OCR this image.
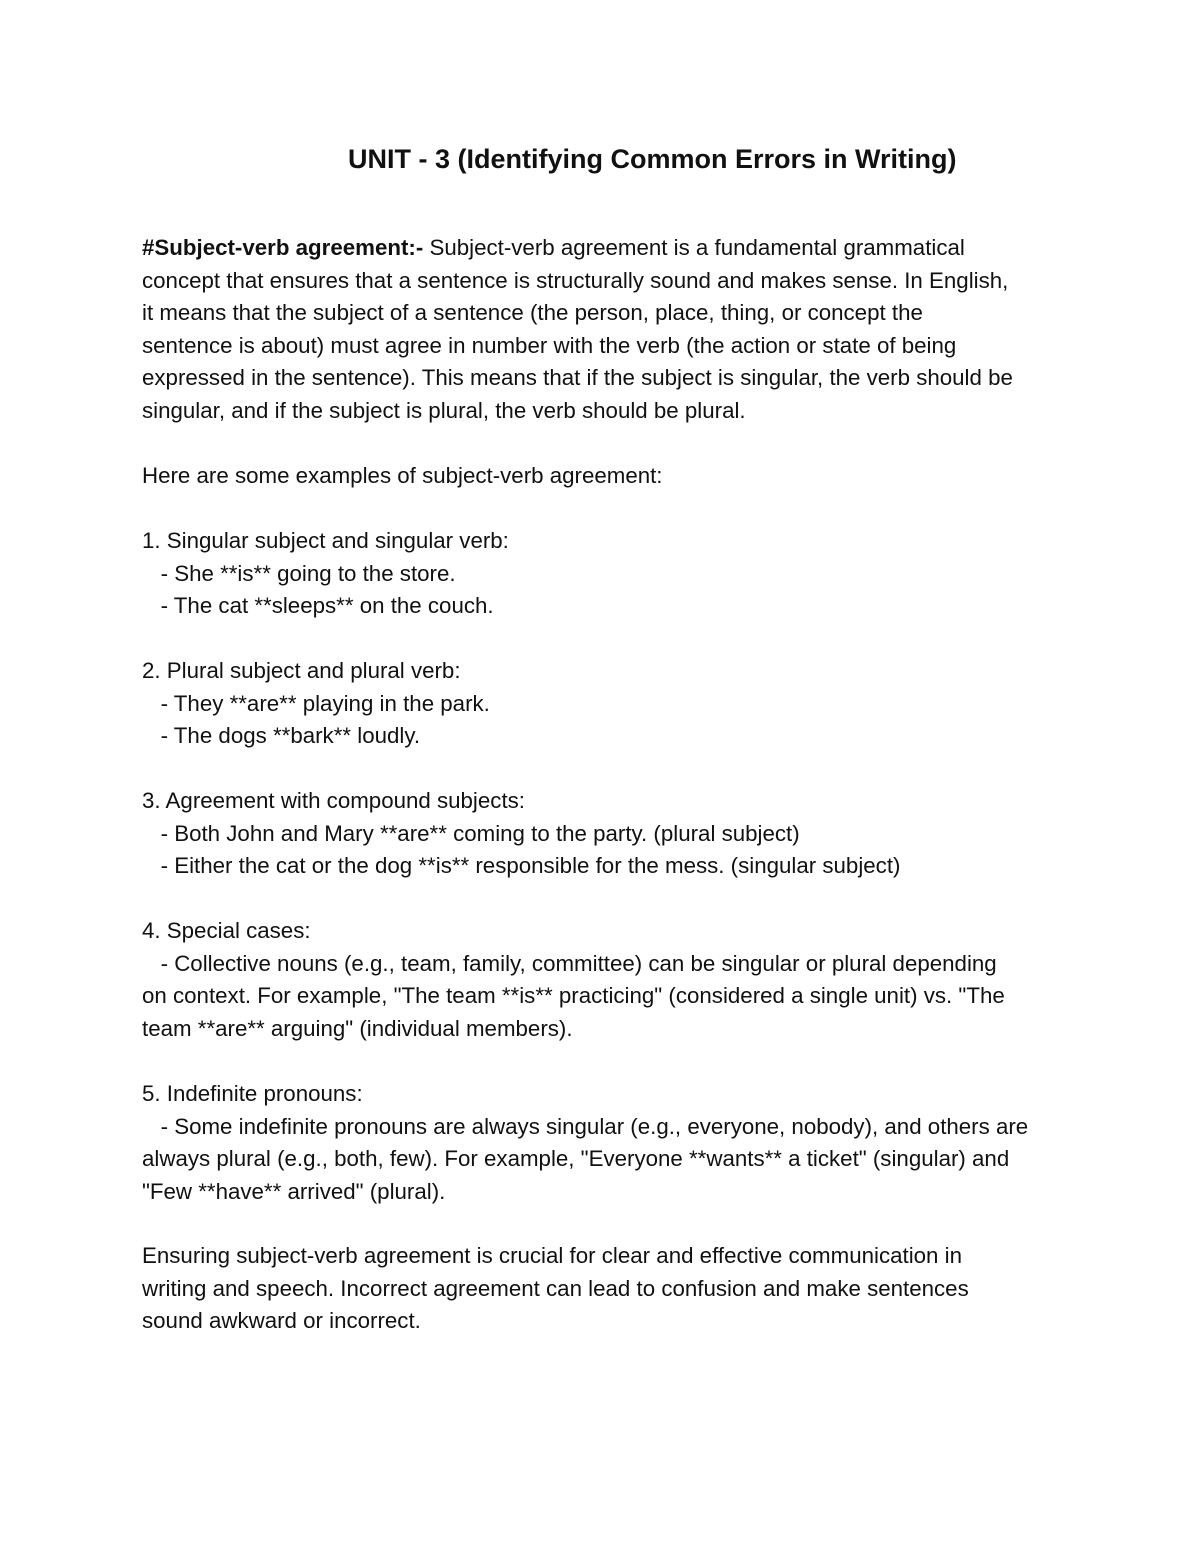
UNIT - 3 (Identifying Common Errors in Writing)
#Subject-verb agreement:- Subject-verb agreement is a fundamental grammatical
concept that ensures that a sentence is structurally sound and makes sense. In English,
it means that the subject of a sentence (the person, place, thing, or concept the
sentence is about) must agree in number with the verb (the action or state of being
expressed in the sentence). This means that if the subject is singular, the verb should be
singular, and if the subject is plural, the verb should be plural.
Here are some examples of subject-verb agreement:
1. Singular subject and singular verb:
- She **is** going to the store.
- The cat **sleeps** on the couch.
2. Plural subject and plural verb:
- They **are** playing in the park.
- The dogs **bark** loudly.
3. Agreement with compound subjects:
- Both John and Mary **are** coming to the party. (plural subject)
- Either the cat or the dog **is** responsible for the mess. (singular subject)
4. Special cases:
- Collective nouns (e.g., team, family, committee) can be singular or plural depending
on context. For example, "The team **is** practicing" (considered a single unit) vs. "The
team **are** arguing" (individual members).
5. Indefinite pronouns:
- Some indefinite pronouns are always singular (e.g., everyone, nobody), and others are
always plural (e.g., both, few). For example, "Everyone **wants** a ticket" (singular) and
"Few **have** arrived" (plural).
Ensuring subject-verb agreement is crucial for clear and effective communication in
writing and speech. Incorrect agreement can lead to confusion and make sentences
sound awkward or incorrect.
